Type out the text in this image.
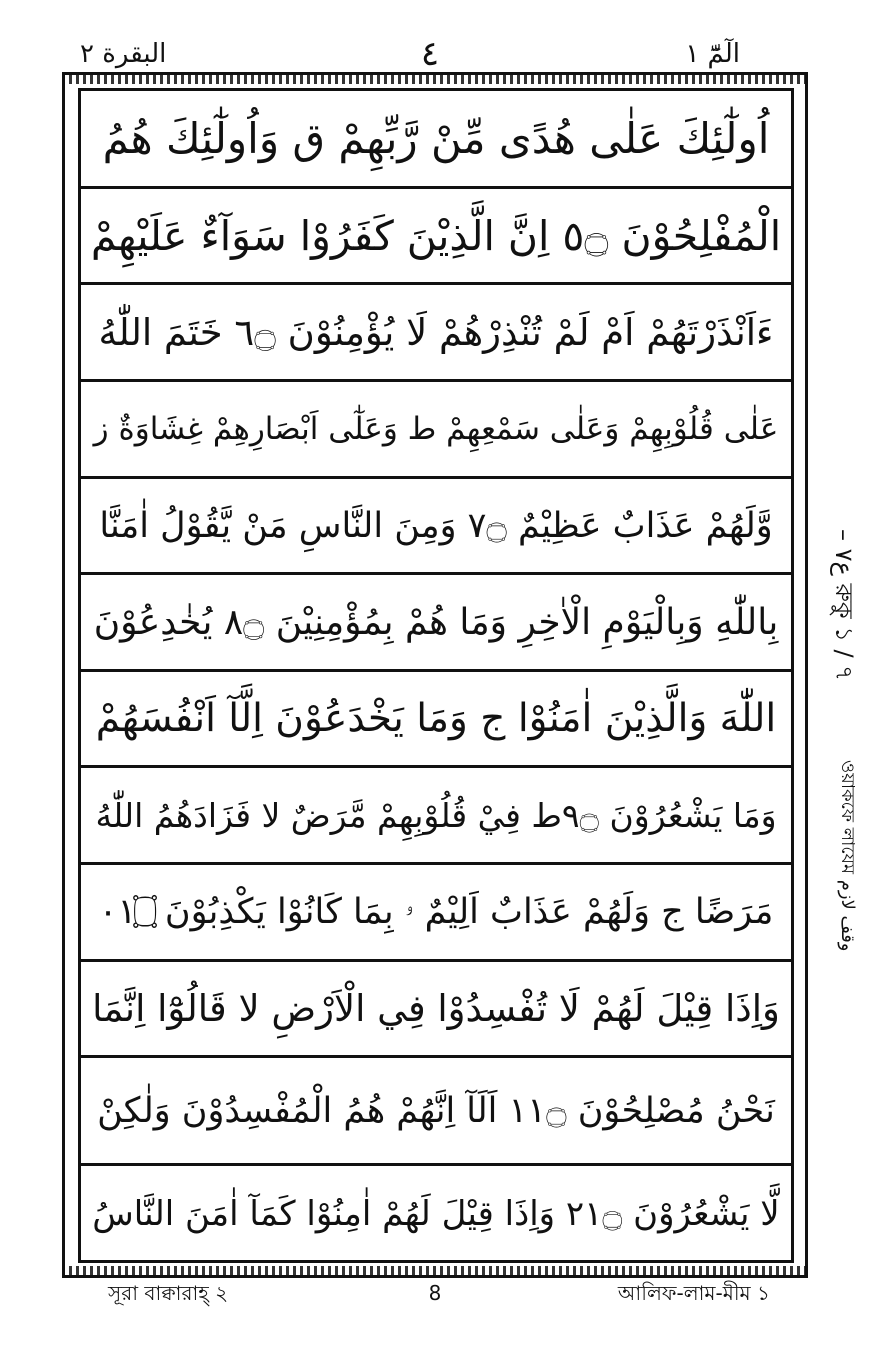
البقرة ٢	٤	الٓمّٓ ١
اُولٰٓئِكَ عَلٰى هُدًى مِّنْ رَّبِّهِمْ ق وَاُولٰٓئِكَ هُمُ
الْمُفْلِحُوْنَ ۝٥ اِنَّ الَّذِيْنَ كَفَرُوْا سَوَآءٌ عَلَيْهِمْ
ءَاَنْذَرْتَهُمْ اَمْ لَمْ تُنْذِرْهُمْ لَا يُؤْمِنُوْنَ ۝٦ خَتَمَ اللّٰهُ
عَلٰى قُلُوْبِهِمْ وَعَلٰى سَمْعِهِمْ ط وَعَلٰٓى اَبْصَارِهِمْ غِشَاوَةٌ ز
وَّلَهُمْ عَذَابٌ عَظِيْمٌ ۝٧ وَمِنَ النَّاسِ مَنْ يَّقُوْلُ اٰمَنَّا
بِاللّٰهِ وَبِالْيَوْمِ الْاٰخِرِ وَمَا هُمْ بِمُؤْمِنِيْنَ ۝٨ يُخٰدِعُوْنَ
اللّٰهَ وَالَّذِيْنَ اٰمَنُوْا ج وَمَا يَخْدَعُوْنَ اِلَّآ اَنْفُسَهُمْ
وَمَا يَشْعُرُوْنَ ۝٩ط فِيْ قُلُوْبِهِمْ مَّرَضٌ لا فَزَادَهُمُ اللّٰهُ
مَرَضًا ج وَلَهُمْ عَذَابٌ اَلِيْمٌ ۥ بِمَا كَانُوْا يَكْذِبُوْنَ ۝١٠
وَاِذَا قِيْلَ لَهُمْ لَا تُفْسِدُوْا فِي الْاَرْضِ لا قَالُوْٓا اِنَّمَا
نَحْنُ مُصْلِحُوْنَ ۝١١ اَلَآ اِنَّهُمْ هُمُ الْمُفْسِدُوْنَ وَلٰكِنْ
لَّا يَشْعُرُوْنَ ۝١٢ وَاِذَا قِيْلَ لَهُمْ اٰمِنُوْا كَمَآ اٰمَنَ النَّاسُ
– ع٧ রুকু ১ / ৭
ওয়াকফে লাযেম وقف لازم
সূরা বাক্বারাহ্‌ ২	8	আলিফ-লাম-মীম ১
